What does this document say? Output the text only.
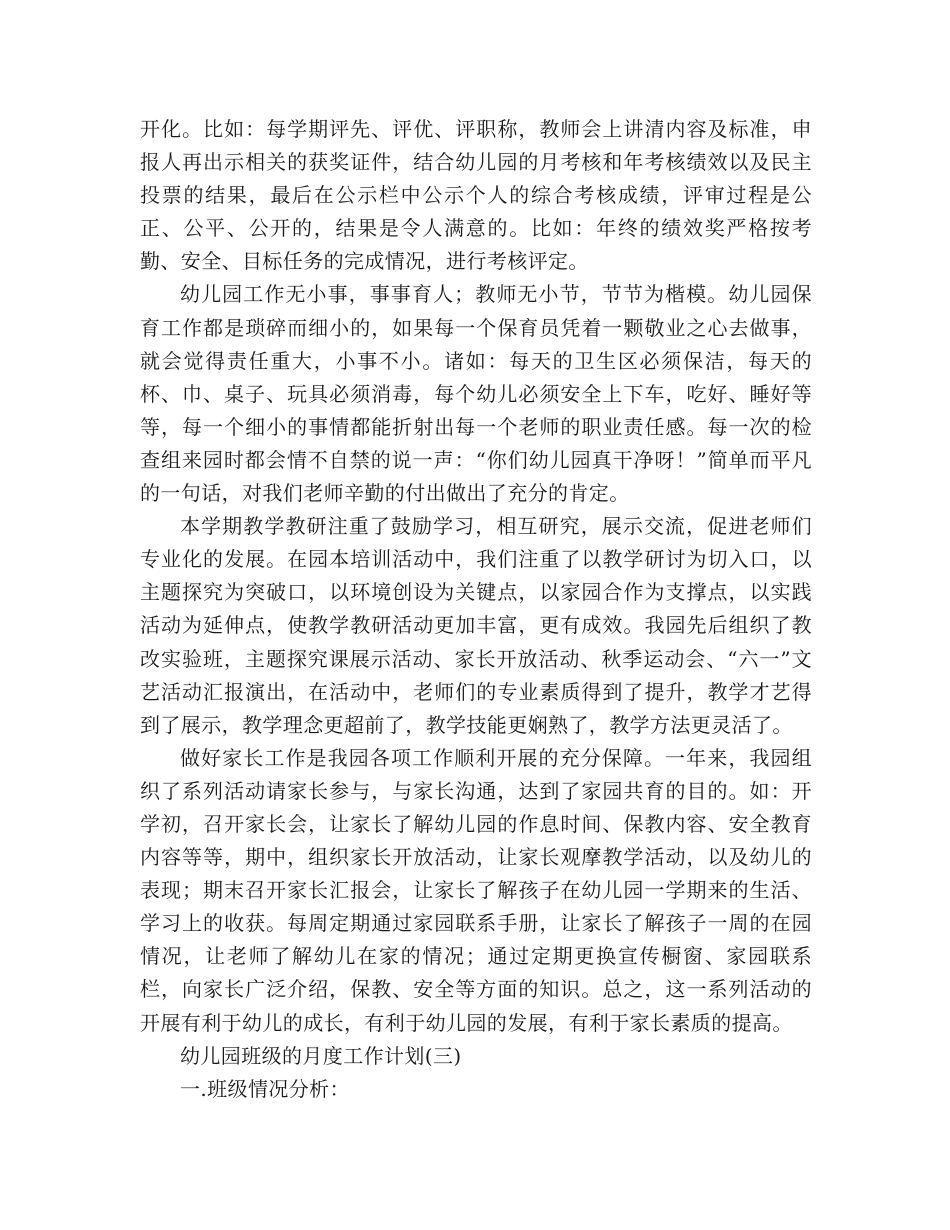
开化。比如：每学期评先、评优、评职称，教师会上讲清内容及标准，申报人再出示相关的获奖证件，结合幼儿园的月考核和年考核绩效以及民主投票的结果，最后在公示栏中公示个人的综合考核成绩，评审过程是公正、公平、公开的，结果是令人满意的。比如：年终的绩效奖严格按考勤、安全、目标任务的完成情况，进行考核评定。

幼儿园工作无小事，事事育人；教师无小节，节节为楷模。幼儿园保育工作都是琐碎而细小的，如果每一个保育员凭着一颗敬业之心去做事，就会觉得责任重大，小事不小。诸如：每天的卫生区必须保洁，每天的杯、巾、桌子、玩具必须消毒，每个幼儿必须安全上下车，吃好、睡好等等，每一个细小的事情都能折射出每一个老师的职业责任感。每一次的检查组来园时都会情不自禁的说一声：“你们幼儿园真干净呀！”简单而平凡的一句话，对我们老师辛勤的付出做出了充分的肯定。

本学期教学教研注重了鼓励学习，相互研究，展示交流，促进老师们专业化的发展。在园本培训活动中，我们注重了以教学研讨为切入口，以主题探究为突破口，以环境创设为关键点，以家园合作为支撑点，以实践活动为延伸点，使教学教研活动更加丰富，更有成效。我园先后组织了教改实验班，主题探究课展示活动、家长开放活动、秋季运动会、“六一”文艺活动汇报演出，在活动中，老师们的专业素质得到了提升，教学才艺得到了展示，教学理念更超前了，教学技能更娴熟了，教学方法更灵活了。

做好家长工作是我园各项工作顺利开展的充分保障。一年来，我园组织了系列活动请家长参与，与家长沟通，达到了家园共育的目的。如：开学初，召开家长会，让家长了解幼儿园的作息时间、保教内容、安全教育内容等等，期中，组织家长开放活动，让家长观摩教学活动，以及幼儿的表现；期末召开家长汇报会，让家长了解孩子在幼儿园一学期来的生活、学习上的收获。每周定期通过家园联系手册，让家长了解孩子一周的在园情况，让老师了解幼儿在家的情况；通过定期更换宣传橱窗、家园联系栏，向家长广泛介绍，保教、安全等方面的知识。总之，这一系列活动的开展有利于幼儿的成长，有利于幼儿园的发展，有利于家长素质的提高。

幼儿园班级的月度工作计划(三)

一.班级情况分析：
